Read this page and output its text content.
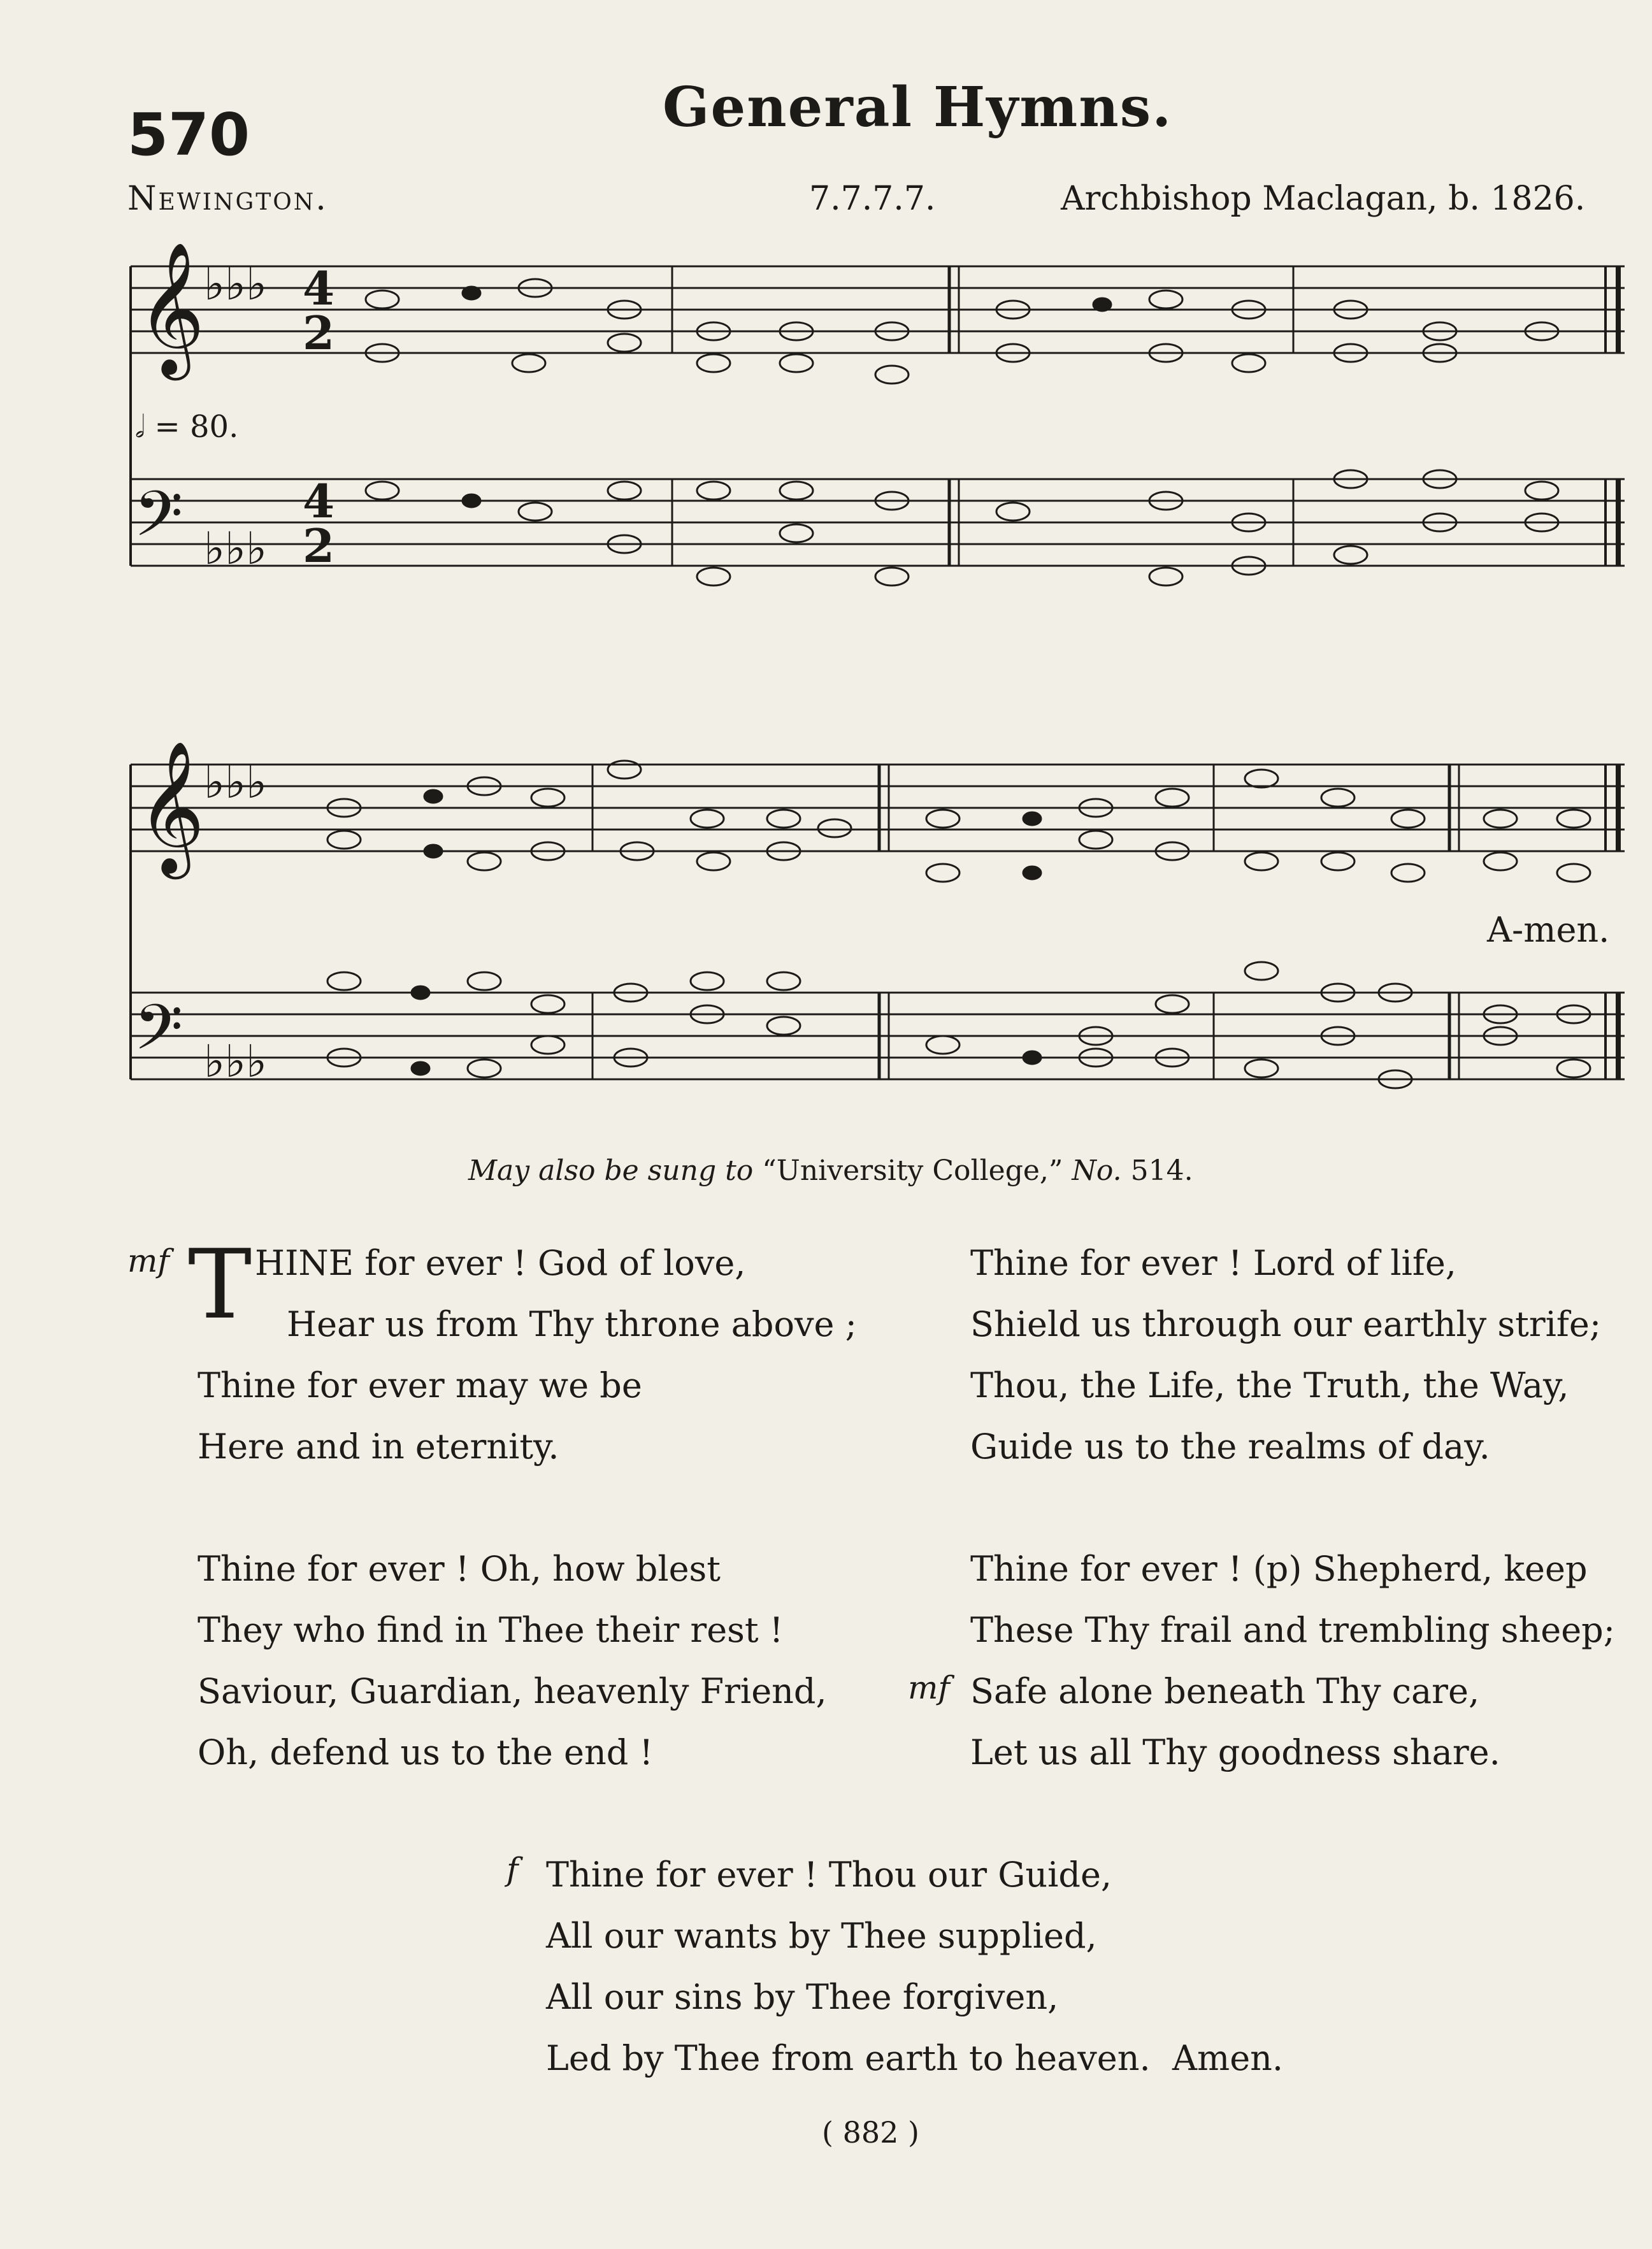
570	General Hymns.
Newington.	7.7.7.7.	Archbishop Maclagan, b. 1826.
𝄞
𝄢
♭♭♭
♭♭♭
4
2
4
2
𝄞
𝄢
♭♭♭
♭♭♭
𝅗𝅥 = 80.
A-men.
May also be sung to “University College,” No. 514.
mf T HINE for ever ! God of love,
Hear us from Thy throne above ;
Thine for ever may we be
Here and in eternity.
Thine for ever ! Lord of life,
Shield us through our earthly strife;
Thou, the Life, the Truth, the Way,
Guide us to the realms of day.
Thine for ever ! Oh, how blest
They who find in Thee their rest !
Saviour, Guardian, heavenly Friend,
Oh, defend us to the end !
mf
Thine for ever ! (p) Shepherd, keep
These Thy frail and trembling sheep;
Safe alone beneath Thy care,
Let us all Thy goodness share.
f Thine for ever ! Thou our Guide,
All our wants by Thee supplied,
All our sins by Thee forgiven,
Led by Thee from earth to heaven.  Amen.
( 882 )
